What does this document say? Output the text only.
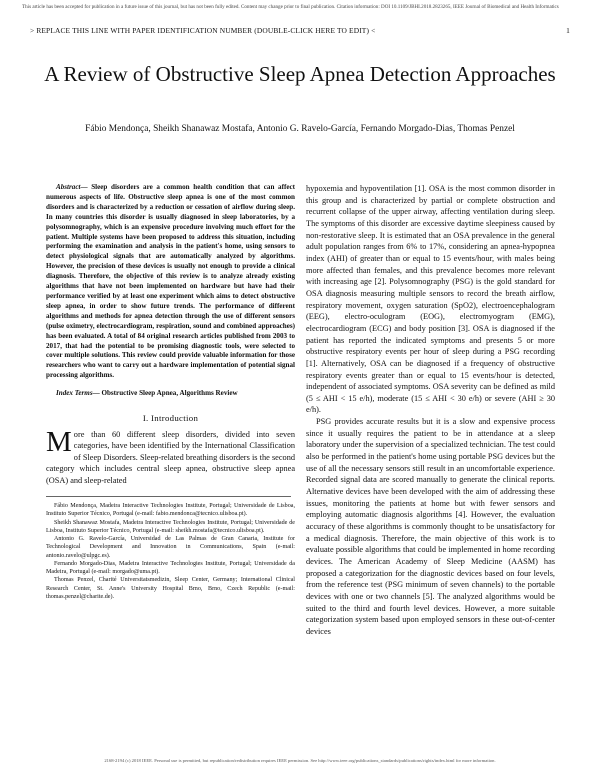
This article has been accepted for publication in a future issue of this journal, but has not been fully edited. Content may change prior to final publication. Citation information: DOI 10.1109/JBHI.2018.2823265, IEEE Journal of Biomedical and Health Informatics
> REPLACE THIS LINE WITH PAPER IDENTIFICATION NUMBER (DOUBLE-CLICK HERE TO EDIT) <	1
A Review of Obstructive Sleep Apnea Detection Approaches
Fábio Mendonça, Sheikh Shanawaz Mostafa, Antonio G. Ravelo-García, Fernando Morgado-Dias, Thomas Penzel

Abstract— Sleep disorders are a common health condition that can affect numerous aspects of life. Obstructive sleep apnea is one of the most common disorders and is characterized by a reduction or cessation of airflow during sleep. In many countries this disorder is usually diagnosed in sleep laboratories, by a polysomnography, which is an expensive procedure involving much effort for the patient. Multiple systems have been proposed to address this situation, including performing the examination and analysis in the patient's home, using sensors to detect physiological signals that are automatically analyzed by algorithms. However, the precision of these devices is usually not enough to provide a clinical diagnosis. Therefore, the objective of this review is to analyze already existing algorithms that have not been implemented on hardware but have had their performance verified by at least one experiment which aims to detect obstructive sleep apnea, in order to show future trends. The performance of different algorithms and methods for apnea detection through the use of different sensors (pulse oximetry, electrocardiogram, respiration, sound and combined approaches) has been evaluated. A total of 84 original research articles published from 2003 to 2017, that had the potential to be promising diagnostic tools, were selected to cover multiple solutions. This review could provide valuable information for those researchers who want to carry out a hardware implementation of potential signal processing algorithms.

Index Terms— Obstructive Sleep Apnea, Algorithms Review
I. Introduction
More than 60 different sleep disorders, divided into seven categories, have been identified by the International Classification of Sleep Disorders. Sleep-related breathing disorders is the second category which includes central sleep apnea, obstructive sleep apnea (OSA) and sleep-related

Fábio Mendonça, Madeira Interactive Technologies Institute, Portugal; Universidade de Lisboa, Instituto Superior Técnico, Portugal (e-mail: fabio.mendonca@tecnico.ulisboa.pt).

Sheikh Shanawaz Mostafa, Madeira Interactive Technologies Institute, Portugal; Universidade de Lisboa, Instituto Superior Técnico, Portugal (e-mail: sheikh.mostafa@tecnico.ulisboa.pt).

Antonio G. Ravelo-García, Universidad de Las Palmas de Gran Canaria, Institute for Technological Development and Innovation in Communications, Spain (e-mail: antonio.ravelo@ulpgc.es).

Fernando Morgado-Dias, Madeira Interactive Technologies Institute, Portugal; Universidade da Madeira, Portugal (e-mail: morgado@uma.pt).

Thomas Penzel, Charité Universitatsmedizin, Sleep Center, Germany; International Clinical Research Center, St. Anne's University Hospital Brno, Brno, Czech Republic (e-mail: thomas.penzel@charite.de).

hypoxemia and hypoventilation [1]. OSA is the most common disorder in this group and is characterized by partial or complete obstruction and recurrent collapse of the upper airway, affecting ventilation during sleep. The symptoms of this disorder are excessive daytime sleepiness caused by non-restorative sleep. It is estimated that an OSA prevalence in the general adult population ranges from 6% to 17%, considering an apnea-hypopnea index (AHI) of greater than or equal to 15 events/hour, with males being more affected than females, and this prevalence becomes more relevant with increasing age [2]. Polysomnography (PSG) is the gold standard for OSA diagnosis measuring multiple sensors to record the breath airflow, respiratory movement, oxygen saturation (SpO2), electroencephalogram (EEG), electro-oculogram (EOG), electromyogram (EMG), electrocardiogram (ECG) and body position [3]. OSA is diagnosed if the patient has reported the indicated symptoms and presents 5 or more obstructive respiratory events per hour of sleep during a PSG recording [1]. Alternatively, OSA can be diagnosed if a frequency of obstructive respiratory events greater than or equal to 15 events/hour is detected, independent of associated symptoms. OSA severity can be defined as mild (5 ≤ AHI < 15 e/h), moderate (15 ≤ AHI < 30 e/h) or severe (AHI ≥ 30 e/h).

PSG provides accurate results but it is a slow and expensive process since it usually requires the patient to be in attendance at a sleep laboratory under the supervision of a specialized technician. The test could also be performed in the patient's home using portable PSG devices but the use of all the necessary sensors still result in an uncomfortable experience. Recorded signal data are scored manually to generate the clinical reports. Alternative devices have been developed with the aim of addressing these issues, monitoring the patients at home but with fewer sensors and employing automatic diagnosis algorithms [4]. However, the evaluation accuracy of these algorithms is commonly thought to be unsatisfactory for a medical diagnosis. Therefore, the main objective of this work is to evaluate possible algorithms that could be implemented in home recording devices. The American Academy of Sleep Medicine (AASM) has proposed a categorization for the diagnostic devices based on four levels, from the reference test (PSG minimum of seven channels) to the portable devices with one or two channels [5]. The analyzed algorithms would be suited to the third and fourth level devices. However, a more suitable categorization system based upon employed sensors in these out-of-center devices

2168-2194 (c) 2018 IEEE. Personal use is permitted, but republication/redistribution requires IEEE permission. See http://www.ieee.org/publications_standards/publications/rights/index.html for more information.
